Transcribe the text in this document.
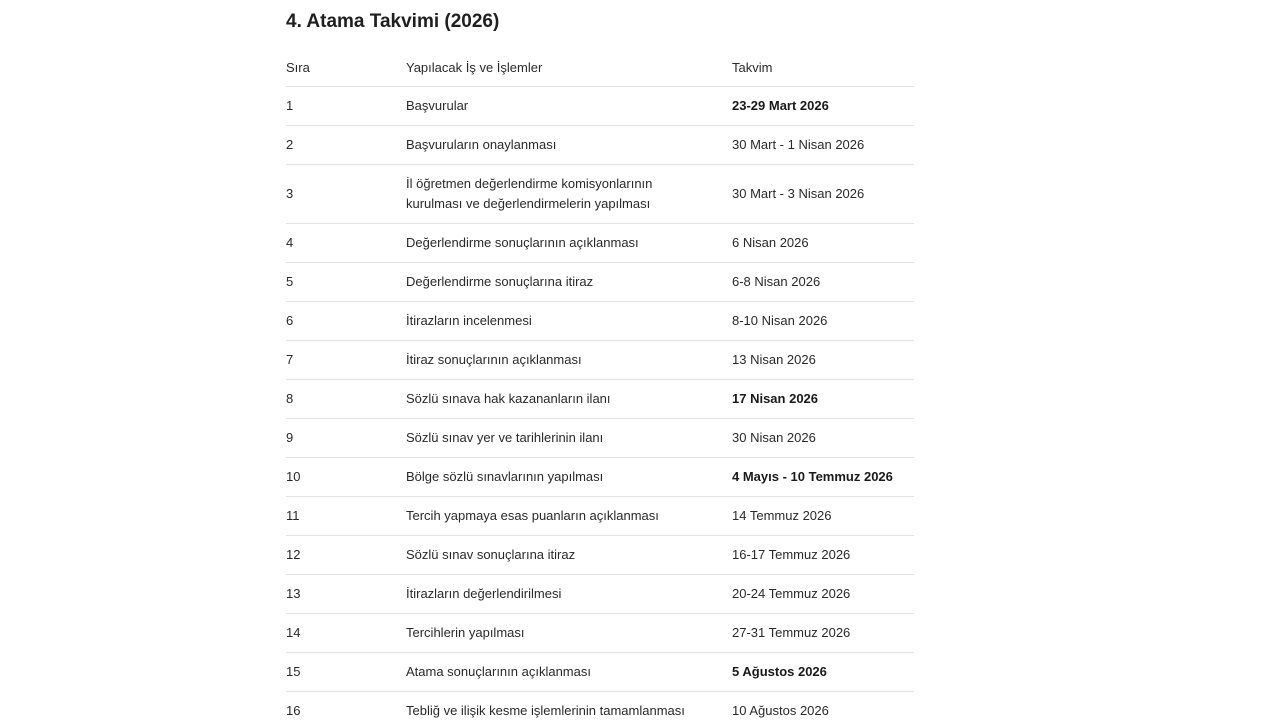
4. Atama Takvimi (2026)
Sıra	Yapılacak İş ve İşlemler	Takvim
1	Başvurular	23-29 Mart 2026
2	Başvuruların onaylanması	30 Mart - 1 Nisan 2026
3	İl öğretmen değerlendirme komisyonlarının kurulması ve değerlendirmelerin yapılması	30 Mart - 3 Nisan 2026
4	Değerlendirme sonuçlarının açıklanması	6 Nisan 2026
5	Değerlendirme sonuçlarına itiraz	6-8 Nisan 2026
6	İtirazların incelenmesi	8-10 Nisan 2026
7	İtiraz sonuçlarının açıklanması	13 Nisan 2026
8	Sözlü sınava hak kazananların ilanı	17 Nisan 2026
9	Sözlü sınav yer ve tarihlerinin ilanı	30 Nisan 2026
10	Bölge sözlü sınavlarının yapılması	4 Mayıs - 10 Temmuz 2026
11	Tercih yapmaya esas puanların açıklanması	14 Temmuz 2026
12	Sözlü sınav sonuçlarına itiraz	16-17 Temmuz 2026
13	İtirazların değerlendirilmesi	20-24 Temmuz 2026
14	Tercihlerin yapılması	27-31 Temmuz 2026
15	Atama sonuçlarının açıklanması	5 Ağustos 2026
16	Tebliğ ve ilişik kesme işlemlerinin tamamlanması	10 Ağustos 2026
